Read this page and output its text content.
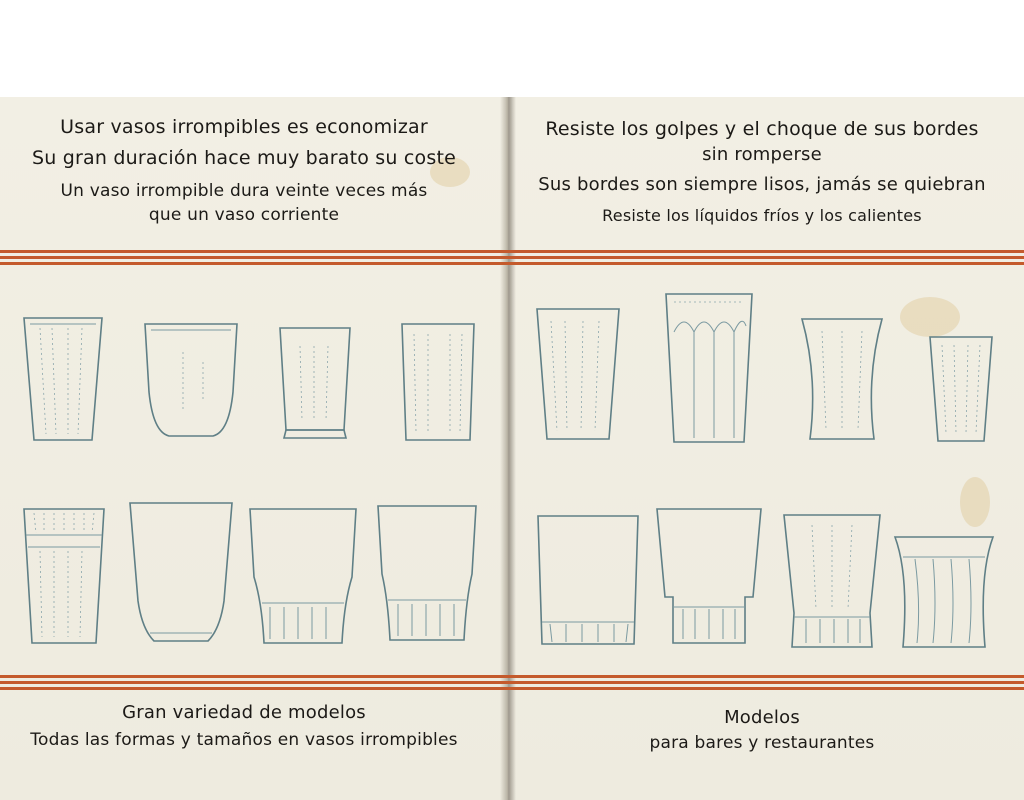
Usar vasos irrompibles es economizar
Su gran duración hace muy barato su coste
Un vaso irrompible dura veinte veces más
que un vaso corriente
Resiste los golpes y el choque de sus bordes
sin romperse
Sus bordes son siempre lisos, jamás se quiebran
Resiste los líquidos fríos y los calientes
Gran variedad de modelos
Todas las formas y tamaños en vasos irrompibles
Modelos
para bares y restaurantes
